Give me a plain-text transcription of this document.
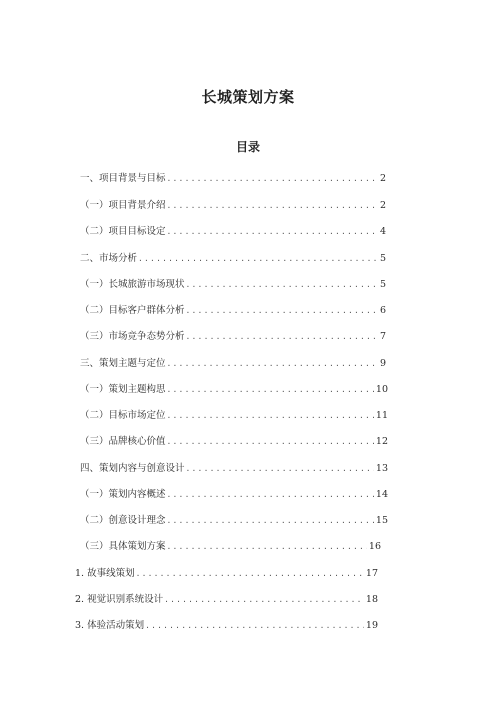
长城策划方案
目录
一、项目背景与目标 .....	2
（一）项目背景介绍 .....	2
（二）项目目标设定 .....	4
二、市场分析 .....	5
（一）长城旅游市场现状 .....	5
（二）目标客户群体分析 .....	6
（三）市场竞争态势分析 .....	7
三、策划主题与定位 .....	9
（一）策划主题构思 .....	10
（二）目标市场定位 .....	11
（三）品牌核心价值 .....	12
四、策划内容与创意设计 .....	13
（一）策划内容概述 .....	14
（二）创意设计理念 .....	15
（三）具体策划方案 .....	16
1. 故事线策划 .....	17
2. 视觉识别系统设计 .....	18
3. 体验活动策划 .....	19
